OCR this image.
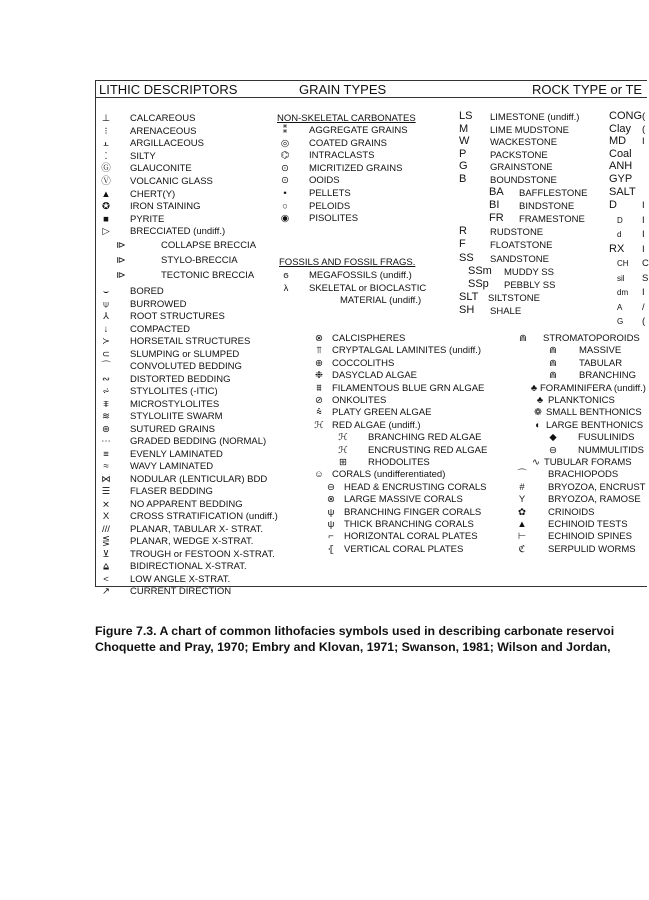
LITHIC DESCRIPTORS	GRAIN TYPES	ROCK TYPE or TE
⊥	CALCAREOUS
⁝	ARENACEOUS
⫠	ARGILLACEOUS
⁚	SILTY
Ⓖ GLAUCONITE
Ⓥ VOLCANIC GLASS
▲ CHERT(Y)
✪	IRON STAINING
■	PYRITE
▷	BRECCIATED (undiff.)
⧐	COLLAPSE BRECCIA
⧐	STYLO-BRECCIA
⧐	TECTONIC BRECCIA
⌣	BORED
⍦	BURROWED
⅄	ROOT STRUCTURES
↓	COMPACTED
≻	HORSETAIL STRUCTURES
⊂	SLUMPING or SLUMPED
⌒ CONVOLUTED BEDDING
∾	DISTORTED BEDDING
⩫	STYLOLITES (-ITIC)
⩨	MICROSTYLOLITES
≋	STYLOLIITE SWARM
⊛	SUTURED GRAINS
⋯ GRADED BEDDING (NORMAL)
≡	EVENLY LAMINATED
≈	WAVY LAMINATED
⋈ NODULAR (LENTICULAR) BDD
☰ FLASER BEDDING
⨯	NO APPARENT BEDDING
X	CROSS STRATIFICATION (undiff.)
///	PLANAR, TABULAR X- STRAT.
⋚	PLANAR, WEDGE X-STRAT.
⊻	TROUGH or FESTOON X-STRAT.
⩠	BIDIRECTIONAL X-STRAT.
<	LOW ANGLE X-STRAT.
↗	CURRENT DIRECTION
NON-SKELETAL CARBONATES
⁑	AGGREGATE GRAINS
◎	COATED GRAINS
⌬	INTRACLASTS
⊙	MICRITIZED GRAINS
⊙	OOIDS
•	PELLETS
○	PELOIDS
◉	PISOLITES
FOSSILS AND FOSSIL FRAGS.
ϭ	MEGAFOSSILS (undiff.)
λ	SKELETAL or BIOCLASTIC
MATERIAL (undiff.)
⊗ CALCISPHERES
⫪	CRYPTALGAL LAMINITES (undiff.)
⊕ COCCOLITHS
❉ DASYCLAD ALGAE
⩩	FILAMENTOUS BLUE GRN ALGAE
⊘ ONKOLITES
⩯	PLATY GREEN ALGAE
ℋ RED ALGAE (undiff.)
ℋ BRANCHING RED ALGAE
ℋ ENCRUSTING RED ALGAE
⊞	RHODOLITES
☺ CORALS (undifferentiated)
⊖ HEAD & ENCRUSTING CORALS
⊗ LARGE MASSIVE CORALS
ψ	BRANCHING FINGER CORALS
ψ	THICK BRANCHING CORALS
⌐	HORIZONTAL CORAL PLATES
⦃	VERTICAL CORAL PLATES
⋒	STROMATOPOROIDS
⋒	MASSIVE
⋒	TABULAR
⋒	BRANCHING
♣ FORAMINIFERA (undiff.)
♣ PLANKTONICS
❁ SMALL BENTHONICS
◐ LARGE BENTHONICS
◆	FUSULINIDS
⊖	NUMMULITIDS
∿ TUBULAR FORAMS
⌒ BRACHIOPODS
#	BRYOZOA, ENCRUST
Y	BRYOZOA, RAMOSE
✿	CRINOIDS
▲ ECHINOID TESTS
⊢	ECHINOID SPINES
ℭ	SERPULID WORMS
LS LIMESTONE (undiff.)
M LIME MUDSTONE
W WACKESTONE
P PACKSTONE
G GRAINSTONE
B BOUNDSTONE
BA BAFFLESTONE
BI BINDSTONE
FR FRAMESTONE
R RUDSTONE
F	FLOATSTONE
SS SANDSTONE
SSm MUDDY SS
SSp PEBBLY SS
SLT SILTSTONE
SH SHALE
CONG (
Clay (
MD I
Coal
ANH
GYP
SALT
D	I
D I
d I
RX I
CH C
sil S
dm I
A /
G (
Figure 7.3. A chart of common lithofacies symbols used in describing carbonate reservoi
Choquette and Pray, 1970; Embry and Klovan, 1971; Swanson, 1981; Wilson and Jordan,
